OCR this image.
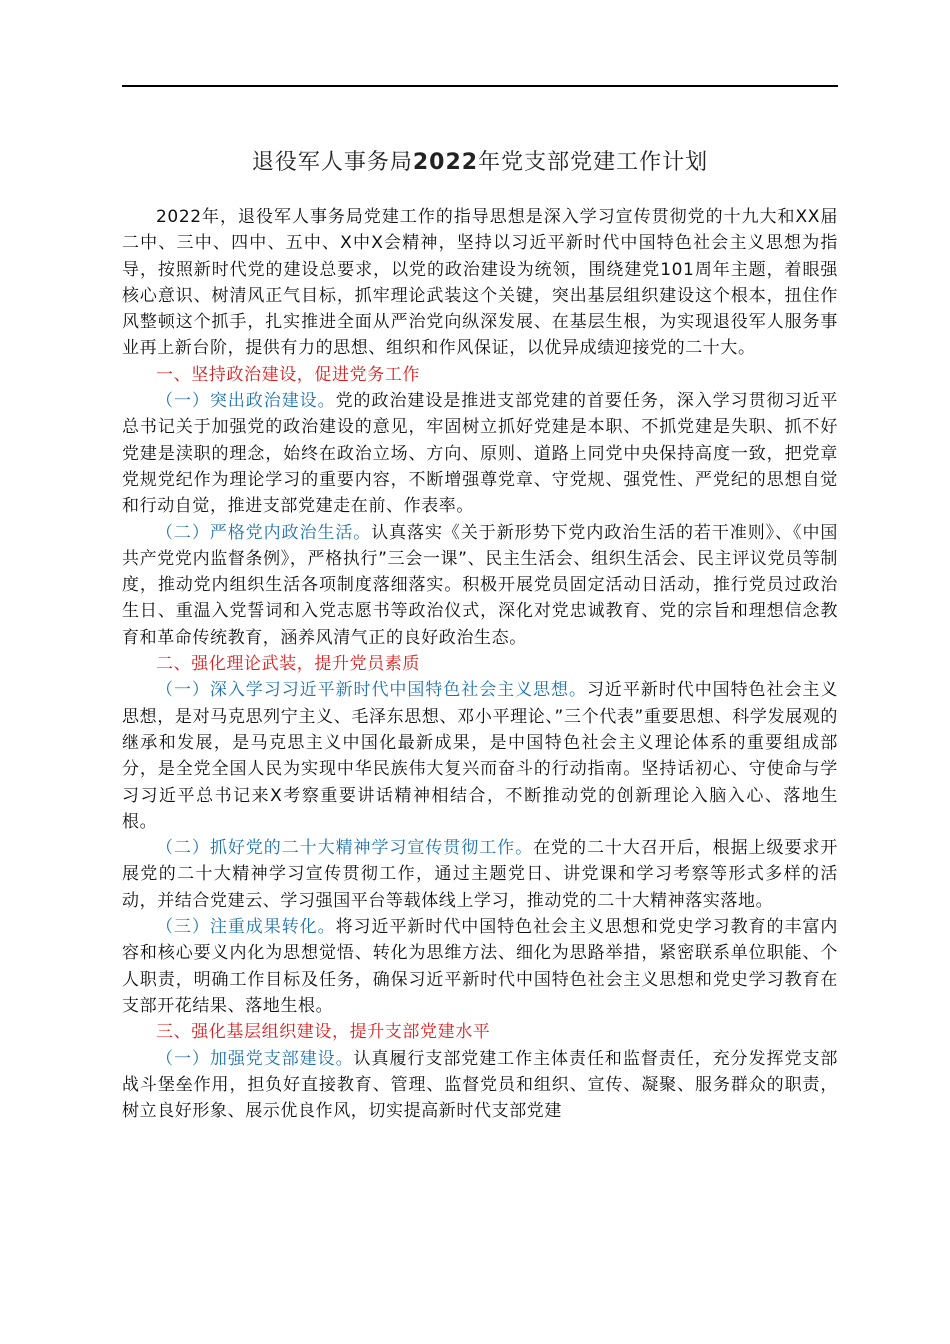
退役军人事务局2022年党支部党建工作计划

2022年，退役军人事务局党建工作的指导思想是深入学习宣传贯彻党的十九大和XX届二中、三中、四中、五中、X中X会精神，坚持以习近平新时代中国特色社会主义思想为指导，按照新时代党的建设总要求，以党的政治建设为统领，围绕建党101周年主题，着眼强核心意识、树清风正气目标，抓牢理论武装这个关键，突出基层组织建设这个根本，扭住作风整顿这个抓手，扎实推进全面从严治党向纵深发展、在基层生根，为实现退役军人服务事业再上新台阶，提供有力的思想、组织和作风保证，以优异成绩迎接党的二十大。

一、坚持政治建设，促进党务工作

（一）突出政治建设。党的政治建设是推进支部党建的首要任务，深入学习贯彻习近平总书记关于加强党的政治建设的意见，牢固树立抓好党建是本职、不抓党建是失职、抓不好党建是渎职的理念，始终在政治立场、方向、原则、道路上同党中央保持高度一致，把党章党规党纪作为理论学习的重要内容，不断增强尊党章、守党规、强党性、严党纪的思想自觉和行动自觉，推进支部党建走在前、作表率。

（二）严格党内政治生活。认真落实《关于新形势下党内政治生活的若干准则》、《中国共产党党内监督条例》，严格执行”三会一课”、民主生活会、组织生活会、民主评议党员等制度，推动党内组织生活各项制度落细落实。积极开展党员固定活动日活动，推行党员过政治生日、重温入党誓词和入党志愿书等政治仪式，深化对党忠诚教育、党的宗旨和理想信念教育和革命传统教育，涵养风清气正的良好政治生态。

二、强化理论武装，提升党员素质

（一）深入学习习近平新时代中国特色社会主义思想。习近平新时代中国特色社会主义思想，是对马克思列宁主义、毛泽东思想、邓小平理论、”三个代表”重要思想、科学发展观的继承和发展，是马克思主义中国化最新成果，是中国特色社会主义理论体系的重要组成部分，是全党全国人民为实现中华民族伟大复兴而奋斗的行动指南。坚持话初心、守使命与学习习近平总书记来X考察重要讲话精神相结合，不断推动党的创新理论入脑入心、落地生根。

（二）抓好党的二十大精神学习宣传贯彻工作。在党的二十大召开后，根据上级要求开展党的二十大精神学习宣传贯彻工作，通过主题党日、讲党课和学习考察等形式多样的活动，并结合党建云、学习强国平台等载体线上学习，推动党的二十大精神落实落地。

（三）注重成果转化。将习近平新时代中国特色社会主义思想和党史学习教育的丰富内容和核心要义内化为思想觉悟、转化为思维方法、细化为思路举措，紧密联系单位职能、个人职责，明确工作目标及任务，确保习近平新时代中国特色社会主义思想和党史学习教育在支部开花结果、落地生根。

三、强化基层组织建设，提升支部党建水平

（一）加强党支部建设。认真履行支部党建工作主体责任和监督责任，充分发挥党支部战斗堡垒作用，担负好直接教育、管理、监督党员和组织、宣传、凝聚、服务群众的职责，树立良好形象、展示优良作风，切实提高新时代支部党建
